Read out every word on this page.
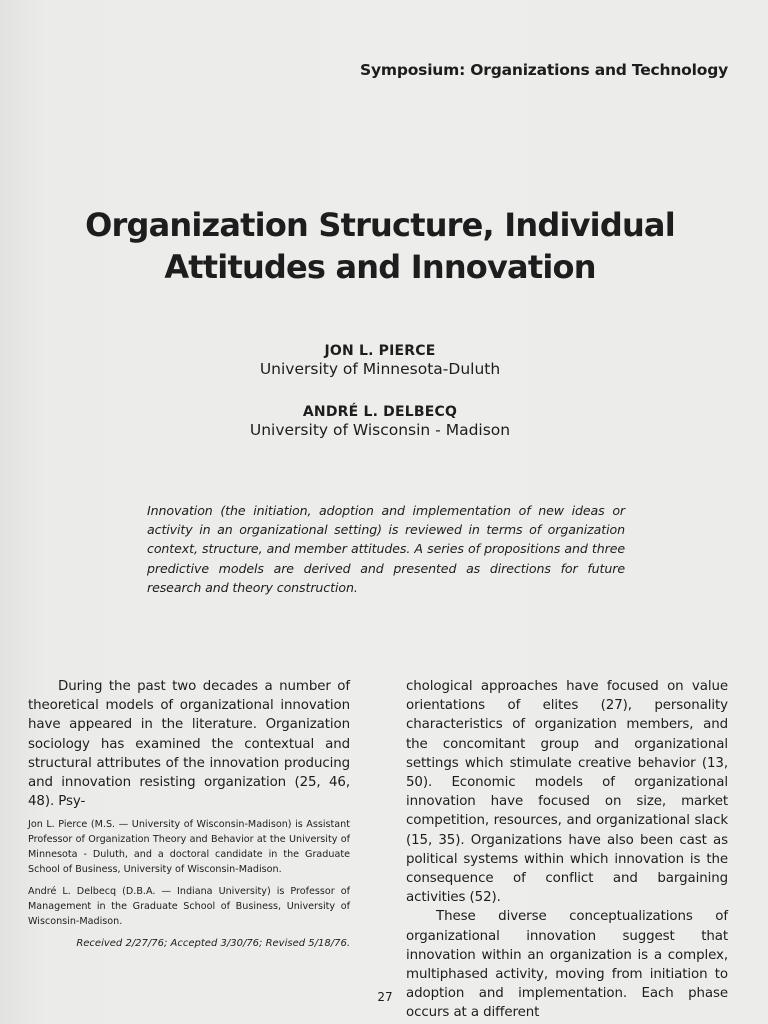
Symposium: Organizations and Technology
Organization Structure, Individual
Attitudes and Innovation
JON L. PIERCE
University of Minnesota-Duluth
ANDRÉ L. DELBECQ
University of Wisconsin - Madison
Innovation (the initiation, adoption and implementation of new ideas or activity in an organizational setting) is reviewed in terms of organization context, structure, and member attitudes. A series of propositions and three predictive models are derived and presented as directions for future research and theory construction.

During the past two decades a number of theoretical models of organizational innovation have appeared in the literature. Organization sociology has examined the contextual and structural attributes of the innovation producing and innovation resisting organization (25, 46, 48). Psy-

Jon L. Pierce (M.S. — University of Wisconsin-Madison) is Assistant Professor of Organization Theory and Behavior at the University of Minnesota - Duluth, and a doctoral candidate in the Graduate School of Business, University of Wisconsin-Madison.

André L. Delbecq (D.B.A. — Indiana University) is Professor of Management in the Graduate School of Business, University of Wisconsin-Madison.

Received 2/27/76; Accepted 3/30/76; Revised 5/18/76.

chological approaches have focused on value orientations of elites (27), personality characteristics of organization members, and the concomitant group and organizational settings which stimulate creative behavior (13, 50). Economic models of organizational innovation have focused on size, market competition, resources, and organizational slack (15, 35). Organizations have also been cast as political systems within which innovation is the consequence of conflict and bargaining activities (52).

These diverse conceptualizations of organizational innovation suggest that innovation within an organization is a complex, multiphased activity, moving from initiation to adoption and implementation. Each phase occurs at a different

27
